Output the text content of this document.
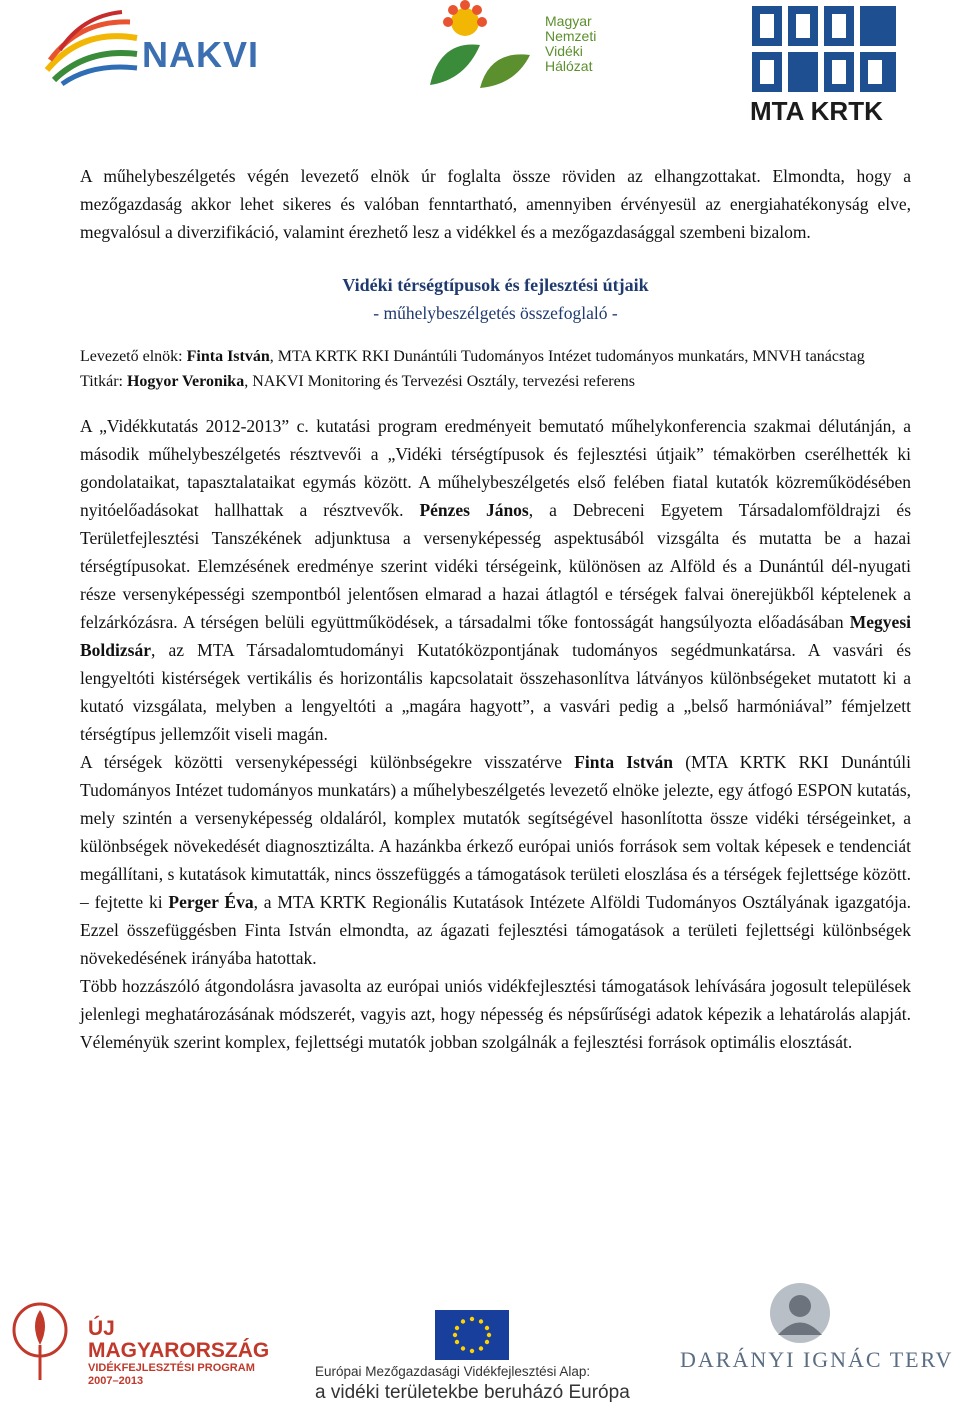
NAKVI
Magyar
Nemzeti
Vidéki
Hálózat
MTA KRTK

A műhelybeszélgetés végén levezető elnök úr foglalta össze röviden az elhangzottakat. Elmondta, hogy a mezőgazdaság akkor lehet sikeres és valóban fenntartható, amennyiben érvényesül az energiahatékonyság elve, megvalósul a diverzifikáció, valamint érezhető lesz a vidékkel és a mezőgazdasággal szembeni bizalom.

Vidéki térségtípusok és fejlesztési útjaik
- műhelybeszélgetés összefoglaló -
Levezető elnök: Finta István, MTA KRTK RKI Dunántúli Tudományos Intézet tudományos munkatárs, MNVH tanácstag
Titkár: Hogyor Veronika, NAKVI Monitoring és Tervezési Osztály, tervezési referens

A „Vidékkutatás 2012-2013” c. kutatási program eredményeit bemutató műhelykonferencia szakmai délutánján, a második műhelybeszélgetés résztvevői a „Vidéki térségtípusok és fejlesztési útjaik” témakörben cserélhették ki gondolataikat, tapasztalataikat egymás között. A műhelybeszélgetés első felében fiatal kutatók közreműködésében nyitóelőadásokat hallhattak a résztvevők. Pénzes János, a Debreceni Egyetem Társadalomföldrajzi és Területfejlesztési Tanszékének adjunktusa a versenyképesség aspektusából vizsgálta és mutatta be a hazai térségtípusokat. Elemzésének eredménye szerint vidéki térségeink, különösen az Alföld és a Dunántúl dél-nyugati része versenyképességi szempontból jelentősen elmarad a hazai átlagtól e térségek falvai önerejükből képtelenek a felzárkózásra. A térségen belüli együttműködések, a társadalmi tőke fontosságát hangsúlyozta előadásában Megyesi Boldizsár, az MTA Társadalomtudományi Kutatóközpontjának tudományos segédmunkatársa. A vasvári és lengyeltóti kistérségek vertikális és horizontális kapcsolatait összehasonlítva látványos különbségeket mutatott ki a kutató vizsgálata, melyben a lengyeltóti a „magára hagyott”, a vasvári pedig a „belső harmóniával” fémjelzett térségtípus jellemzőit viseli magán.

A térségek közötti versenyképességi különbségekre visszatérve Finta István (MTA KRTK RKI Dunántúli Tudományos Intézet tudományos munkatárs) a műhelybeszélgetés levezető elnöke jelezte, egy átfogó ESPON kutatás, mely szintén a versenyképesség oldaláról, komplex mutatók segítségével hasonlította össze vidéki térségeinket, a különbségek növekedését diagnosztizálta. A hazánkba érkező európai uniós források sem voltak képesek e tendenciát megállítani, s kutatások kimutatták, nincs összefüggés a támogatások területi eloszlása és a térségek fejlettsége között. – fejtette ki Perger Éva, a MTA KRTK Regionális Kutatások Intézete Alföldi Tudományos Osztályának igazgatója. Ezzel összefüggésben Finta István elmondta, az ágazati fejlesztési támogatások a területi fejlettségi különbségek növekedésének irányába hatottak.

Több hozzászóló átgondolásra javasolta az európai uniós vidékfejlesztési támogatások lehívására jogosult települések jelenlegi meghatározásának módszerét, vagyis azt, hogy népesség és népsűrűségi adatok képezik a lehatárolás alapját. Véleményük szerint komplex, fejlettségi mutatók jobban szolgálnák a fejlesztési források optimális elosztását.

ÚJ MAGYARORSZÁG
VIDÉKFEJLESZTÉSI PROGRAM
2007–2013
Európai Mezőgazdasági Vidékfejlesztési Alap:
a vidéki területekbe beruházó Európa
DARÁNYI IGNÁC TERV
